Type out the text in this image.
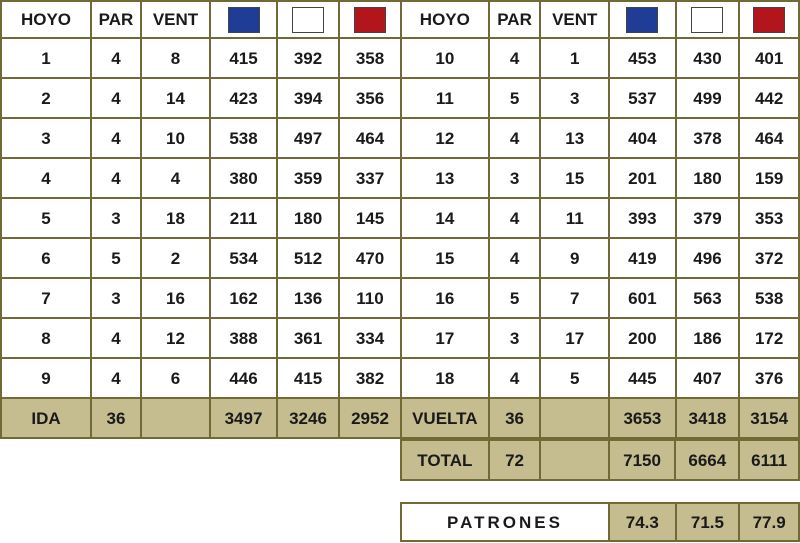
HOYO	PAR	VENT			
1	4	8	415	392	358
2	4	14	423	394	356
3	4	10	538	497	464
4	4	4	380	359	337
5	3	18	211	180	145
6	5	2	534	512	470
7	3	16	162	136	110
8	4	12	388	361	334
9	4	6	446	415	382
IDA	36		3497	3246	2952
HOYO	PAR	VENT			
10	4	1	453	430	401
11	5	3	537	499	442
12	4	13	404	378	464
13	3	15	201	180	159
14	4	11	393	379	353
15	4	9	419	496	372
16	5	7	601	563	538
17	3	17	200	186	172
18	4	5	445	407	376
VUELTA	36		3653	3418	3154
TOTAL	72		7150	6664	6111
PATRONES	74.3	71.5	77.9
